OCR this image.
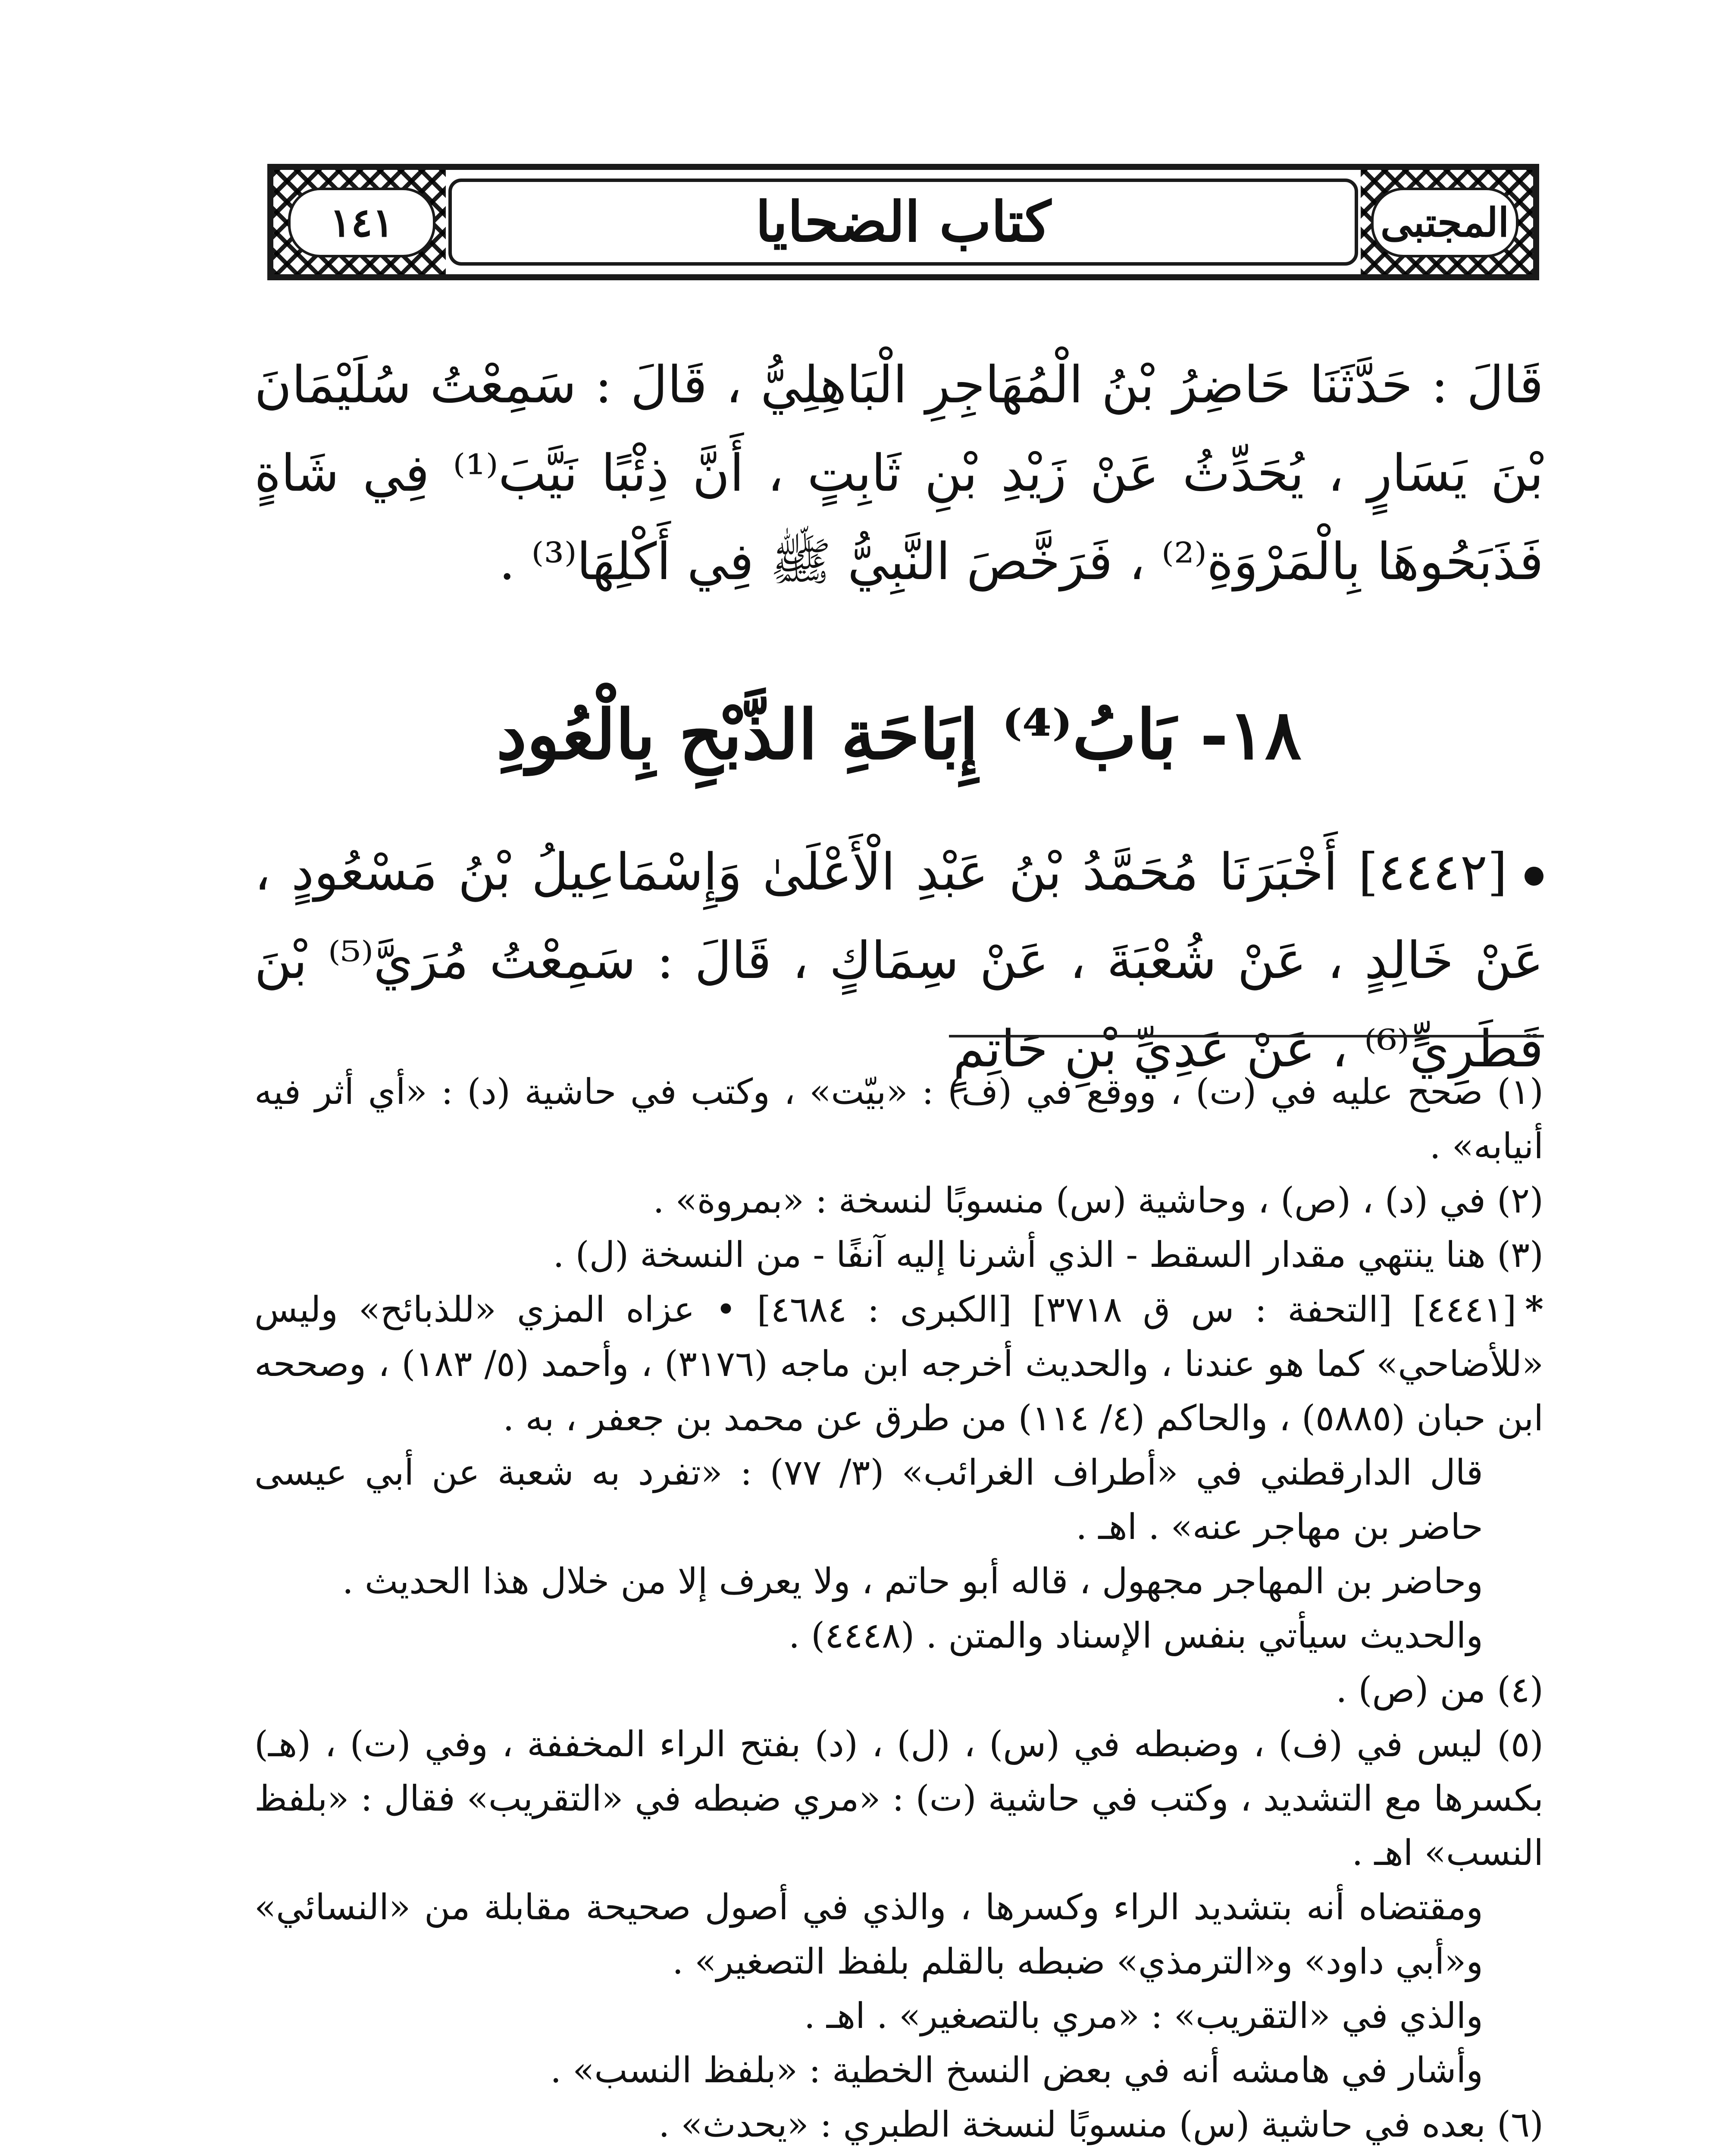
١٤١	المجتبى
كتاب الضحايا
قَالَ : حَدَّثَنَا حَاضِرُ بْنُ الْمُهَاجِرِ الْبَاهِلِيُّ ، قَالَ : سَمِعْتُ سُلَيْمَانَ بْنَ يَسَارٍ ، يُحَدِّثُ عَنْ زَيْدِ بْنِ ثَابِتٍ ، أَنَّ ذِئْبًا نَيَّبَ⁽¹⁾ فِي شَاةٍ فَذَبَحُوهَا بِالْمَرْوَةِ⁽²⁾ ، فَرَخَّصَ النَّبِيُّ ﷺ فِي أَكْلِهَا⁽³⁾ .
١٨- بَابُ⁽⁴⁾ إِبَاحَةِ الذَّبْحِ بِالْعُودِ
[٤٤٤٢] أَخْبَرَنَا مُحَمَّدُ بْنُ عَبْدِ الْأَعْلَىٰ وَإِسْمَاعِيلُ بْنُ مَسْعُودٍ ، عَنْ خَالِدٍ ، عَنْ شُعْبَةَ ، عَنْ سِمَاكٍ ، قَالَ : سَمِعْتُ مُرَيَّ⁽⁵⁾ بْنَ قَطَرِيٍّ⁽⁶⁾ ، عَنْ عَدِيِّ بْنِ حَاتِمٍ

(١) صحح عليه في (ت) ، ووقع في (ف) : «بيّت» ، وكتب في حاشية (د) : «أي أثر فيه أنيابه» .

(٢) في (د) ، (ص) ، وحاشية (س) منسوبًا لنسخة : «بمروة» .

(٣) هنا ينتهي مقدار السقط - الذي أشرنا إليه آنفًا - من النسخة (ل) .

*[٤٤٤١] [التحفة : س ق ٣٧١٨] [الكبرى : ٤٦٨٤] • عزاه المزي «للذبائح» وليس «للأضاحي» كما هو عندنا ، والحديث أخرجه ابن ماجه (٣١٧٦) ، وأحمد (٥/ ١٨٣) ، وصححه ابن حبان (٥٨٨٥) ، والحاكم (٤/ ١١٤) من طرق عن محمد بن جعفر ، به .

قال الدارقطني في «أطراف الغرائب» (٣/ ٧٧) : «تفرد به شعبة عن أبي عيسى حاضر بن مهاجر عنه» . اهـ .

وحاضر بن المهاجر مجهول ، قاله أبو حاتم ، ولا يعرف إلا من خلال هذا الحديث .

والحديث سيأتي بنفس الإسناد والمتن . (٤٤٤٨) .

(٤) من (ص) .

(٥) ليس في (ف) ، وضبطه في (س) ، (ل) ، (د) بفتح الراء المخففة ، وفي (ت) ، (هـ) بكسرها مع التشديد ، وكتب في حاشية (ت) : «مري ضبطه في «التقريب» فقال : «بلفظ النسب» اهـ .

ومقتضاه أنه بتشديد الراء وكسرها ، والذي في أصول صحيحة مقابلة من «النسائي» و«أبي داود» و«الترمذي» ضبطه بالقلم بلفظ التصغير» .

والذي في «التقريب» : «مري بالتصغير» . اهـ .

وأشار في هامشه أنه في بعض النسخ الخطية : «بلفظ النسب» .

(٦) بعده في حاشية (س) منسوبًا لنسخة الطبري : «يحدث» .
